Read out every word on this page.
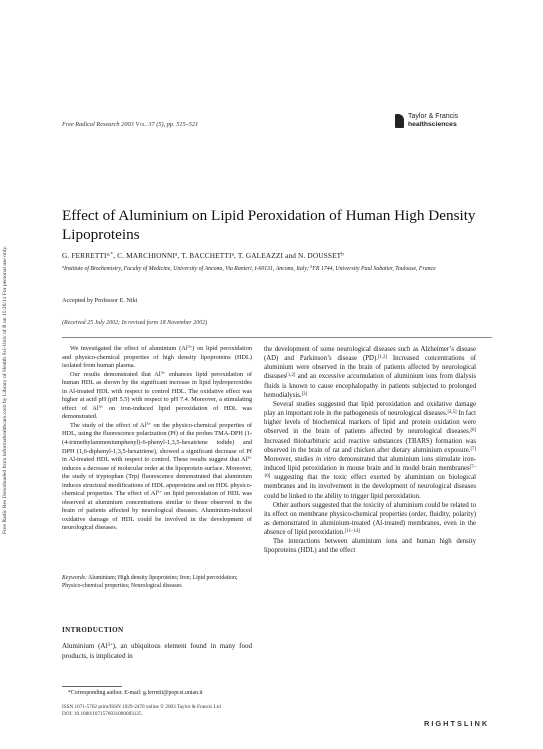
Free Radic Res Downloaded from informahealthcare.com by Library of Health Sci-Univ of Il on 11/26/11 For personal use only.
Free Radical Research 2003 Vol. 37 (5), pp. 515–521
Taylor & Francis
healthsciences
Effect of Aluminium on Lipid Peroxidation of Human High Density Lipoproteins
G. $FERRETTI^{a,*}$, C. MARCHIONNI$^a$, T. BACCHETTI$^a$, T. GALEAZZI and N. DOUSSET$^b$
$^a$Institute of Biochemistry, Faculty of Medicine, University of Ancona, Via Ranieri, I-60131, Ancona, Italy; $^b$FR 1744, University Paul Sabatier, Toulouse, France
Accepted by Professor E. Niki
(Received 25 July 2002; In revised form 18 November 2002)

We investigated the effect of aluminium $(Al^{3+})$ on lipid peroxidation and physico-chemical properties of high density lipoproteins (HDL) isolated from human plasma.

Our results demonstrated that $Al^{3+}$ enhances lipid peroxidation of human HDL as shown by the significant increase in lipid hydroperoxides in Al-treated HDL with respect to control HDL. The oxidative effect was higher at acid pH (pH 5.5) with respect to pH 7.4. Moreover, a stimulating effect of $Al^{3+}$ on iron-induced lipid peroxidation of HDL was demonstrated.

The study of the effect of $Al^{3+}$ on the physico-chemical properties of HDL, using the fluorescence polarization (Pf) of the probes TMA-DPH (1-(4-trimethylammoniumphenyl)-6-phenyl-1,3,5-hexatriene iodide) and DPH (1,6-diphenyl-1,3,5-hexatriene), showed a significant decrease of Pf in Al-treated HDL with respect to control. These results suggest that $Al^{3+}$ induces a decrease of molecular order at the lipoprotein surface. Moreover, the study of tryptophan (Trp) fluorescence demonstrated that aluminium induces structural modifications of HDL apoproteins and on HDL physico-chemical properties. The effect of $Al^{3+}$ on lipid peroxidation of HDL was observed at aluminium concentrations similar to those observed in the brain of patients affected by neurological diseases. Aluminium-induced oxidative damage of HDL could be involved in the development of neurological diseases.

Keywords: Aluminium; High density lipoproteins; Iron; Lipid peroxidation; Physico-chemical properties; Neurological diseases
INTRODUCTION
Aluminium $(Al^{3+})$, an ubiquitous element found in many food products, is implicated in

the development of some neurological diseases such as Alzheimer’s disease (AD) and Parkinson’s disease (PD).[1,2] Increased concentrations of aluminium were observed in the brain of patients affected by neurological diseases[1,2] and an excessive accumulation of aluminium ions from dialysis fluids is known to cause encephalopathy in patients subjected to prolonged hemodialysis.[3]

Several studies suggested that lipid peroxidation and oxidative damage play an important role in the pathogenesis of neurological diseases.[4,5] In fact higher levels of biochemical markers of lipid and protein oxidation were observed in the brain of patients affected by neurological diseases.[6] Increased thiobarbituric acid reactive substances (TBARS) formation was observed in the brain of rat and chicken after dietary aluminium exposure.[7] Moreover, studies in vitro demonstrated that aluminium ions stimulate iron-induced lipid peroxidation in mouse brain and in model brain membranes[7–10] suggesting that the toxic effect exerted by aluminium on biological membranes and its involvement in the development of neurological diseases could be linked to the ability to trigger lipid peroxidation.

Other authors suggested that the toxicity of aluminium could be related to its effect on membrane physico-chemical properties (order, fluidity, polarity) as demonstrated in aluminium-treated (Al-treated) membranes, even in the absence of lipid peroxidation.[11–14]

The interactions between aluminium ions and human high density lipoproteins (HDL) and the effect

*Corresponding author. E-mail: g.ferretti@popcsi.unian.it
ISSN 1071-5762 print/ISSN 1029-2470 online © 2003 Taylor & Francis Ltd
DOI: 10.1080/1071576031000083125
RIGHTSLINK
